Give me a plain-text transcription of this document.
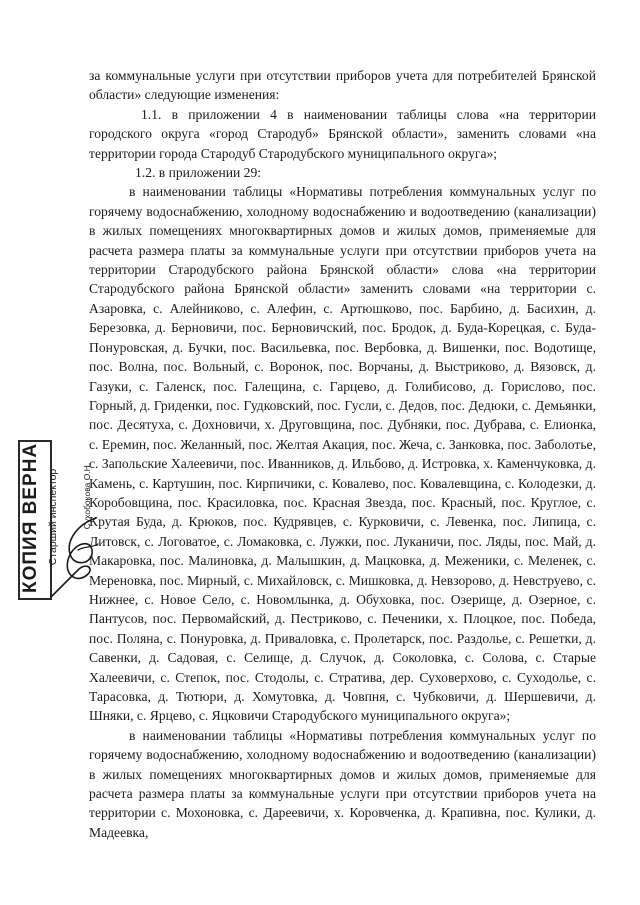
за коммунальные услуги при отсутствии приборов учета для потребителей Брянской области» следующие изменения:

1.1. в приложении 4 в наименовании таблицы слова «на территории городского округа «город Стародуб» Брянской области», заменить словами «на территории города Стародуб Стародубского муниципального округа»;

1.2. в приложении 29:

в наименовании таблицы «Нормативы потребления коммунальных услуг по горячему водоснабжению, холодному водоснабжению и водоотведению (канализации) в жилых помещениях многоквартирных домов и жилых домов, применяемые для расчета размера платы за коммунальные услуги при отсутствии приборов учета на территории Стародубского района Брянской области» слова «на территории Стародубского района Брянской области» заменить словами «на территории с. Азаровка, с. Алейниково, с. Алефин, с. Артюшково, пос. Барбино, д. Басихин, д. Березовка, д. Берновичи, пос. Берновичский, пос. Бродок, д. Буда-Корецкая, с. Буда-Понуровская, д. Бучки, пос. Васильевка, пос. Вербовка, д. Вишенки, пос. Водотище, пос. Волна, пос. Вольный, с. Воронок, пос. Ворчаны, д. Выстриково, д. Вязовск, д. Газуки, с. Галенск, пос. Галещина, с. Гарцево, д. Голибисово, д. Горислово, пос. Горный, д. Гриденки, пос. Гудковский, пос. Гусли, с. Дедов, пос. Дедюки, с. Демьянки, пос. Десятуха, с. Дохновичи, х. Друговщина, пос. Дубняки, пос. Дубрава, с. Елионка, с. Еремин, пос. Желанный, пос. Желтая Акация, пос. Жеча, с. Занковка, пос. Заболотье, с. Запольские Халеевичи, пос. Иванников, д. Ильбово, д. Истровка, х. Каменчуковка, д. Камень, с. Картушин, пос. Кирпичики, с. Ковалево, пос. Ковалевщина, с. Колодезки, д. Коробовщина, пос. Красиловка, пос. Красная Звезда, пос. Красный, пос. Круглое, с. Крутая Буда, д. Крюков, пос. Кудрявцев, с. Курковичи, с. Левенка, пос. Липица, с. Литовск, с. Логоватое, с. Ломаковка, с. Лужки, пос. Луканичи, пос. Ляды, пос. Май, д. Макаровка, пос. Малиновка, д. Малышкин, д. Мацковка, д. Меженики, с. Меленек, с. Мереновка, пос. Мирный, с. Михайловск, с. Мишковка, д. Невзорово, д. Невструево, с. Нижнее, с. Новое Село, с. Новомлынка, д. Обуховка, пос. Озерище, д. Озерное, с. Пантусов, пос. Первомайский, д. Пестриково, с. Печеники, х. Плоцкое, пос. Победа, пос. Поляна, с. Понуровка, д. Приваловка, с. Пролетарск, пос. Раздолье, с. Решетки, д. Савенки, д. Садовая, с. Селище, д. Случок, д. Соколовка, с. Солова, с. Старые Халеевичи, с. Степок, пос. Стодолы, с. Стратива, дер. Суховерхово, с. Суходолье, с. Тарасовка, д. Тютюри, д. Хомутовка, д. Човпня, с. Чубковичи, д. Шершевичи, д. Шняки, с. Ярцево, с. Яцковичи Стародубского муниципального округа»;

в наименовании таблицы «Нормативы потребления коммунальных услуг по горячему водоснабжению, холодному водоснабжению и водоотведению (канализации) в жилых помещениях многоквартирных домов и жилых домов, применяемые для расчета размера платы за коммунальные услуги при отсутствии приборов учета на территории с. Мохоновка, с. Дареевичи, х. Коровченка, д. Крапивна, пос. Кулики, д. Мадеевка,

КОПИЯ ВЕРНА Старший инспектор	Сухобокова О.Н.
